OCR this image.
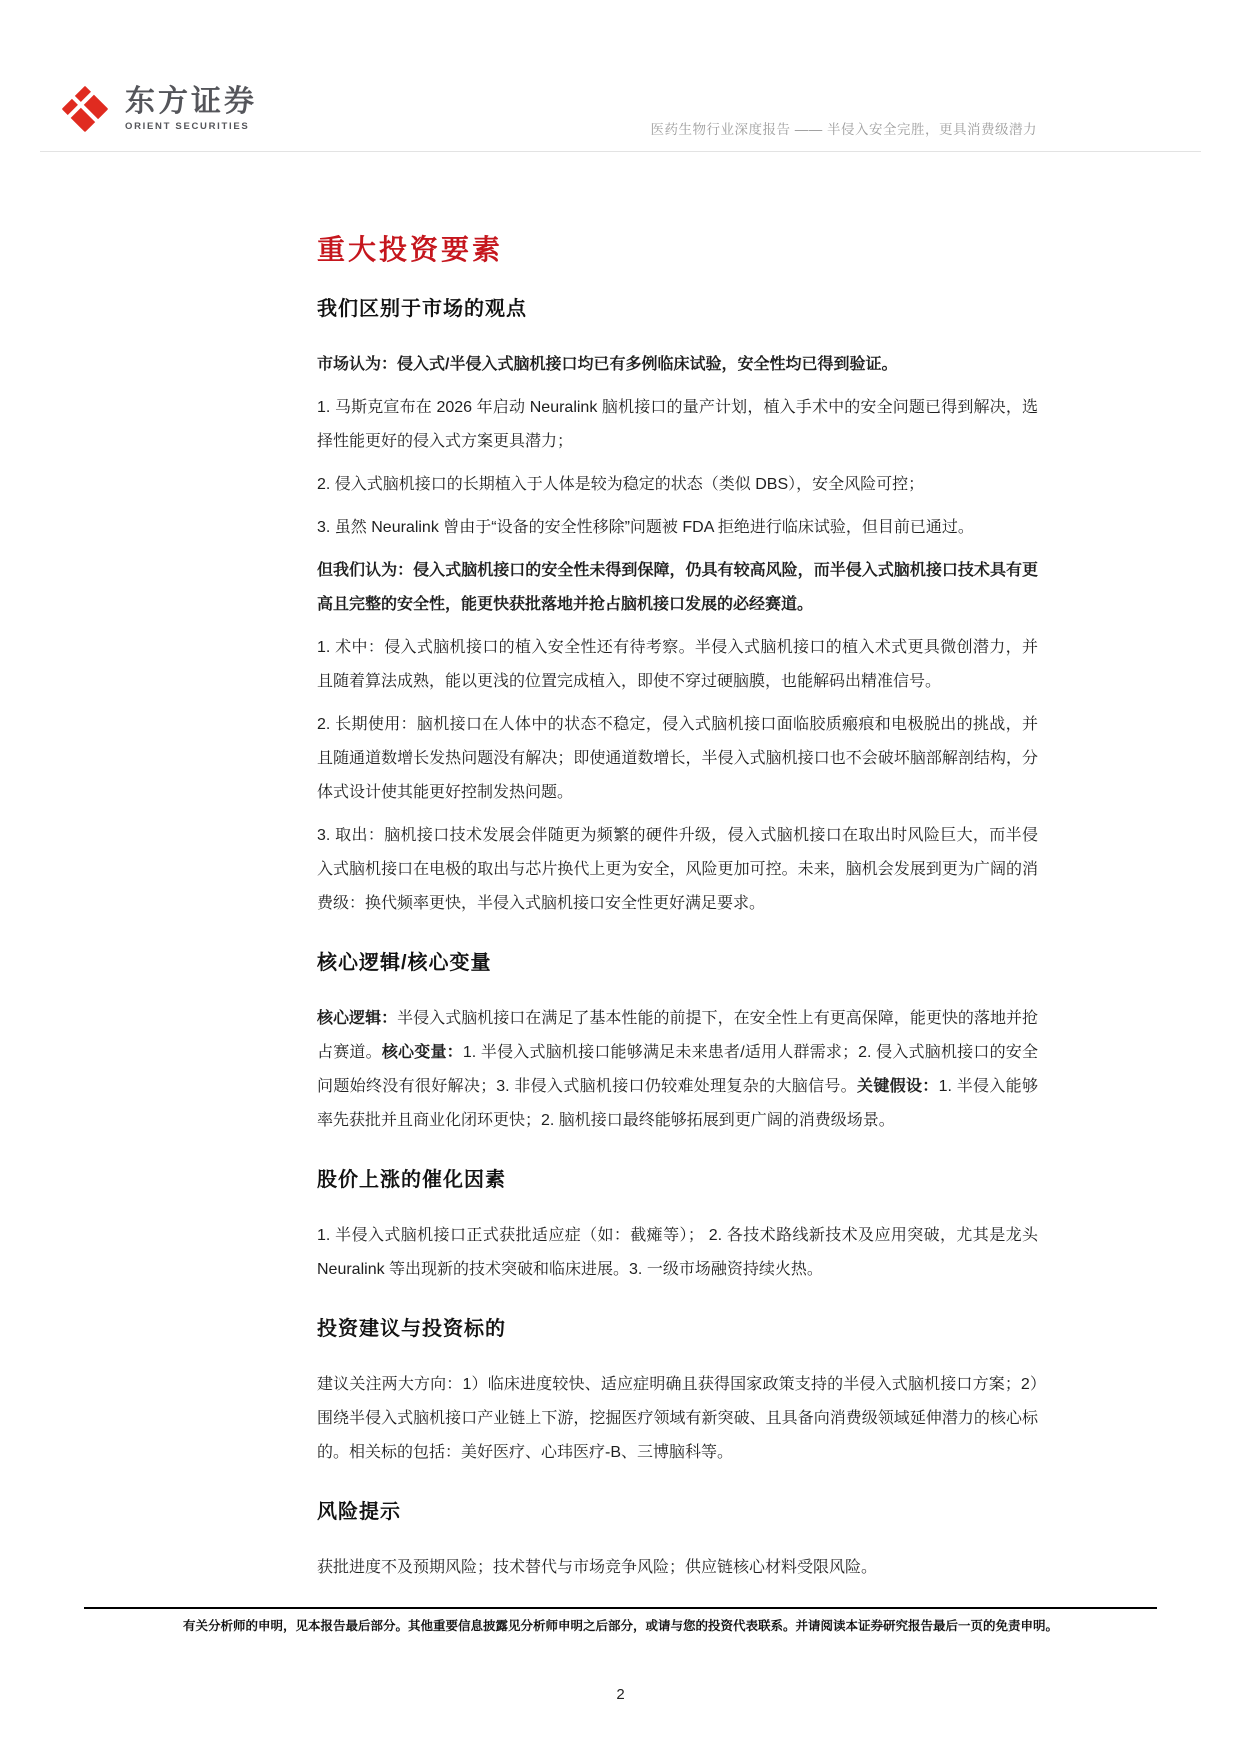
东方证券
ORIENT SECURITIES	医药生物行业深度报告 —— 半侵入安全完胜，更具消费级潜力
重大投资要素
我们区别于市场的观点

市场认为：侵入式/半侵入式脑机接口均已有多例临床试验，安全性均已得到验证。

1. 马斯克宣布在 2026 年启动 Neuralink 脑机接口的量产计划，植入手术中的安全问题已得到解决，选择性能更好的侵入式方案更具潜力；

2. 侵入式脑机接口的长期植入于人体是较为稳定的状态（类似 DBS），安全风险可控；

3. 虽然 Neuralink 曾由于“设备的安全性移除”问题被 FDA 拒绝进行临床试验，但目前已通过。

但我们认为：侵入式脑机接口的安全性未得到保障，仍具有较高风险，而半侵入式脑机接口技术具有更高且完整的安全性，能更快获批落地并抢占脑机接口发展的必经赛道。

1. 术中：侵入式脑机接口的植入安全性还有待考察。半侵入式脑机接口的植入术式更具微创潜力，并且随着算法成熟，能以更浅的位置完成植入，即使不穿过硬脑膜，也能解码出精准信号。

2. 长期使用：脑机接口在人体中的状态不稳定，侵入式脑机接口面临胶质瘢痕和电极脱出的挑战，并且随通道数增长发热问题没有解决；即使通道数增长，半侵入式脑机接口也不会破坏脑部解剖结构，分体式设计使其能更好控制发热问题。

3. 取出：脑机接口技术发展会伴随更为频繁的硬件升级，侵入式脑机接口在取出时风险巨大，而半侵入式脑机接口在电极的取出与芯片换代上更为安全，风险更加可控。未来，脑机会发展到更为广阔的消费级：换代频率更快，半侵入式脑机接口安全性更好满足要求。

核心逻辑/核心变量

核心逻辑：半侵入式脑机接口在满足了基本性能的前提下，在安全性上有更高保障，能更快的落地并抢占赛道。核心变量：1. 半侵入式脑机接口能够满足未来患者/适用人群需求；2. 侵入式脑机接口的安全问题始终没有很好解决；3. 非侵入式脑机接口仍较难处理复杂的大脑信号。关键假设：1. 半侵入能够率先获批并且商业化闭环更快；2. 脑机接口最终能够拓展到更广阔的消费级场景。

股价上涨的催化因素

1. 半侵入式脑机接口正式获批适应症（如：截瘫等）； 2. 各技术路线新技术及应用突破，尤其是龙头 Neuralink 等出现新的技术突破和临床进展。3. 一级市场融资持续火热。

投资建议与投资标的

建议关注两大方向：1）临床进度较快、适应症明确且获得国家政策支持的半侵入式脑机接口方案；2）围绕半侵入式脑机接口产业链上下游，挖掘医疗领域有新突破、且具备向消费级领域延伸潜力的核心标的。相关标的包括：美好医疗、心玮医疗-B、三博脑科等。

风险提示

获批进度不及预期风险；技术替代与市场竞争风险；供应链核心材料受限风险。

有关分析师的申明，见本报告最后部分。其他重要信息披露见分析师申明之后部分，或请与您的投资代表联系。并请阅读本证券研究报告最后一页的免责申明。
2
